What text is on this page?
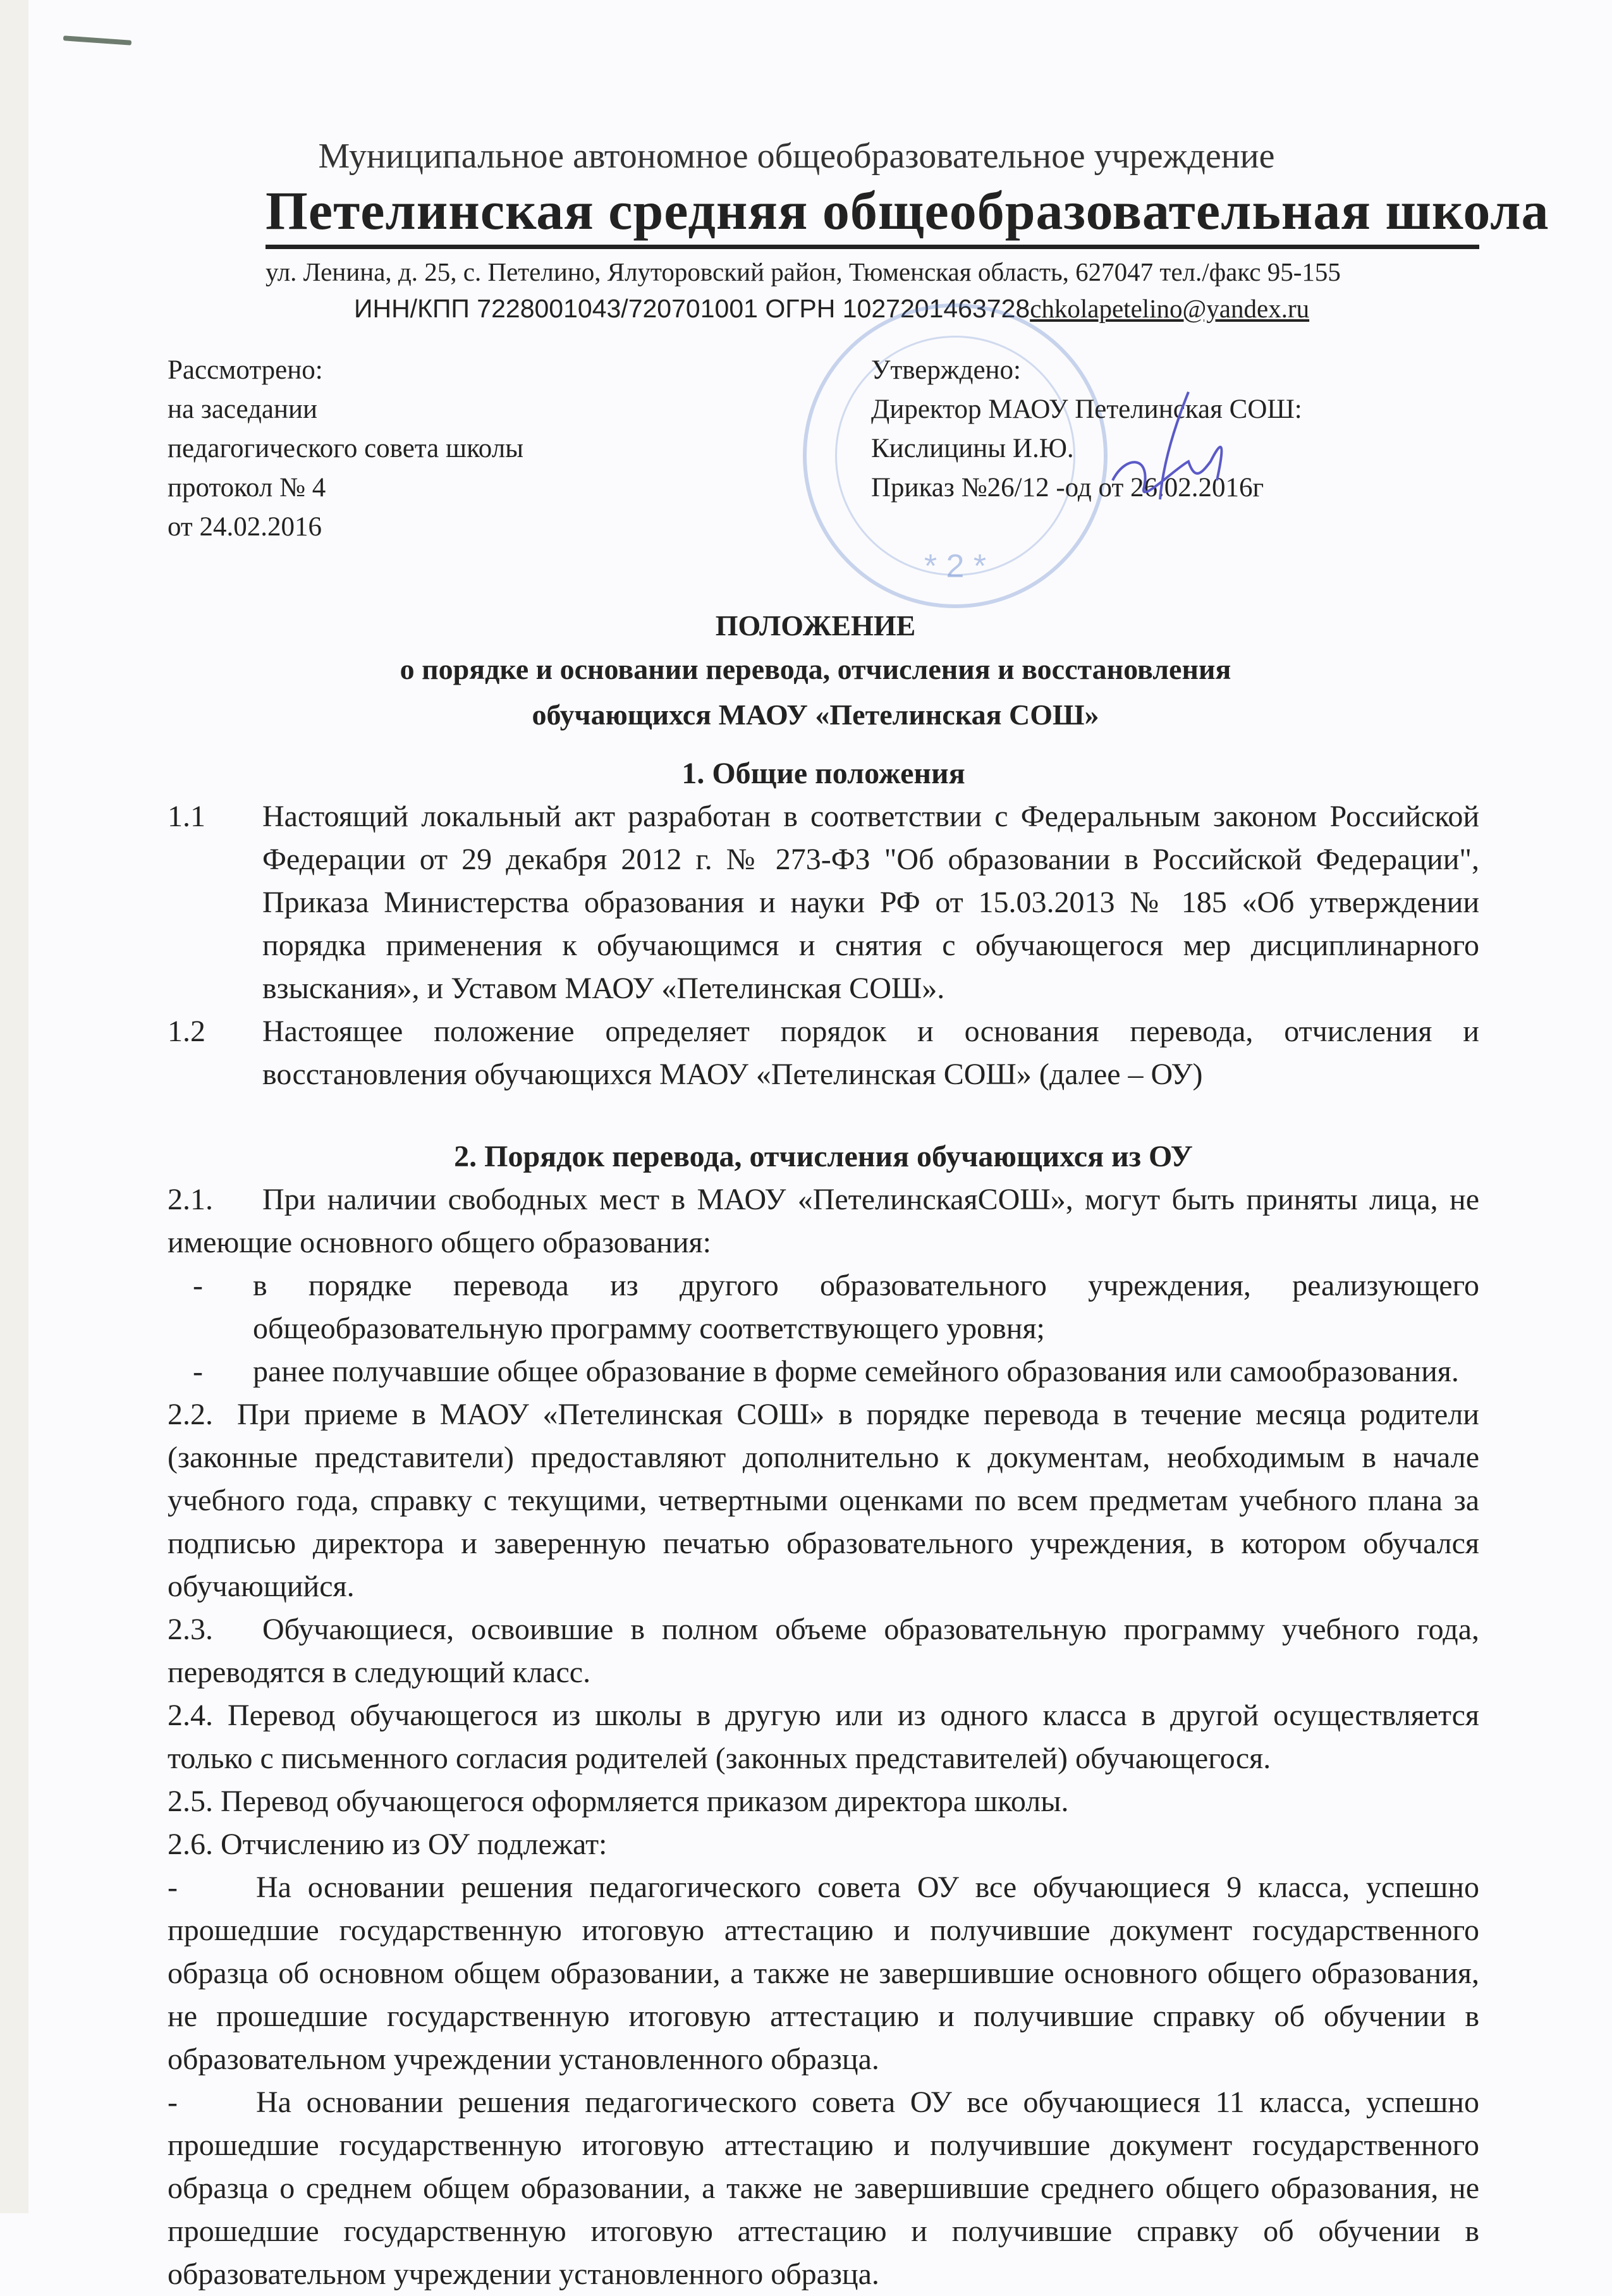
Муниципальное автономное общеобразовательное учреждение
Петелинская средняя общеобразовательная школа
ул. Ленина, д. 25, с. Петелино, Ялуторовский район, Тюменская область, 627047 тел./факс 95-155
ИНН/КПП 7228001043/720701001 ОГРН 1027201463728chkolapetelino@yandex.ru
Рассмотрено:
на заседании
педагогического совета школы
протокол № 4
от 24.02.2016
* 2 *
Утверждено:
Директор МАОУ Петелинская СОШ:
Кислицины И.Ю.
Приказ №26/12 -од от 26.02.2016г
ПОЛОЖЕНИЕ
о порядке и основании перевода, отчисления и восстановления
обучающихся МАОУ «Петелинская СОШ»
1. Общие положения
1.1	Настоящий локальный акт разработан в соответствии с Федеральным законом Российской Федерации от 29 декабря 2012 г. № 273-ФЗ "Об образовании в Российской Федерации", Приказа Министерства образования и науки РФ от 15.03.2013 № 185 «Об утверждении порядка применения к обучающимся и снятия с обучающегося мер дисциплинарного взыскания», и Уставом МАОУ «Петелинская СОШ».
1.2	Настоящее положение определяет порядок и основания перевода, отчисления и восстановления обучающихся МАОУ «Петелинская СОШ» (далее – ОУ)
2. Порядок перевода, отчисления обучающихся из ОУ
2.1. При наличии свободных мест в МАОУ «ПетелинскаяСОШ», могут быть приняты лица, не имеющие основного общего образования:
-	в порядке перевода из другого образовательного учреждения, реализующего общеобразовательную программу соответствующего уровня;
-	ранее получавшие общее образование в форме семейного образования или самообразования.
2.2. При приеме в МАОУ «Петелинская СОШ» в порядке перевода в течение месяца родители (законные представители) предоставляют дополнительно к документам, необходимым в начале учебного года, справку с текущими, четвертными оценками по всем предметам учебного плана за подписью директора и заверенную печатью образовательного учреждения, в котором обучался обучающийся.
2.3. Обучающиеся, освоившие в полном объеме образовательную программу учебного года, переводятся в следующий класс.
2.4. Перевод обучающегося из школы в другую или из одного класса в другой осуществляется только с письменного согласия родителей (законных представителей) обучающегося.
2.5. Перевод обучающегося оформляется приказом директора школы.
2.6. Отчислению из ОУ подлежат:
-	На основании решения педагогического совета ОУ все обучающиеся 9 класса, успешно прошедшие государственную итоговую аттестацию и получившие документ государственного образца об основном общем образовании, а также не завершившие основного общего образования, не прошедшие государственную итоговую аттестацию и получившие справку об обучении в образовательном учреждении установленного образца.
-	На основании решения педагогического совета ОУ все обучающиеся 11 класса, успешно прошедшие государственную итоговую аттестацию и получившие документ государственного образца о среднем общем образовании, а также не завершившие среднего общего образования, не прошедшие государственную итоговую аттестацию и получившие справку об обучении в образовательном учреждении установленного образца.
